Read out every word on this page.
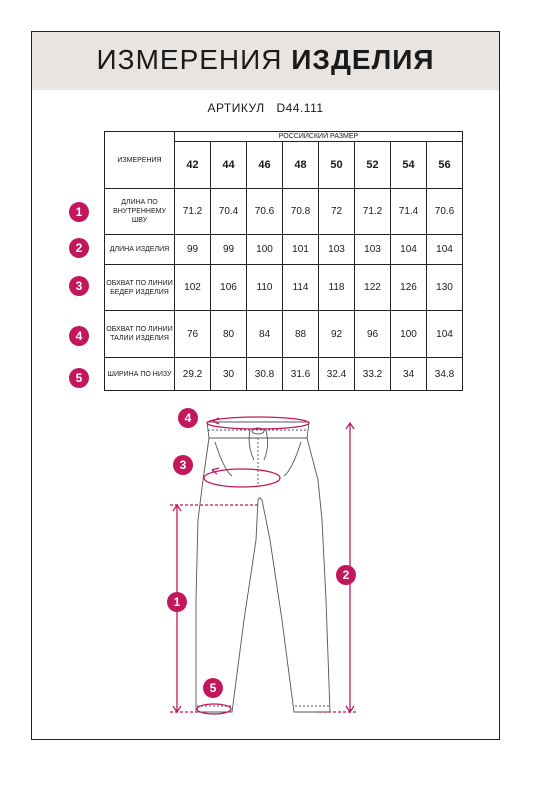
ИЗМЕРЕНИЯ ИЗДЕЛИЯ
АРТИКУЛ D44.111
ИЗМЕРЕНИЯ	РОССИЙСКИЙ РАЗМЕР							
	42	44	46	48	50	52	54	56
ДЛИНА ПО ВНУТРЕННЕМУ ШВУ	71.2	70.4	70.6	70.8	72	71.2	71.4	70.6
ДЛИНА ИЗДЕЛИЯ	99	99	100	101	103	103	104	104
ОБХВАТ ПО ЛИНИИ БЕДЕР ИЗДЕЛИЯ	102	106	110	114	118	122	126	130
ОБХВАТ ПО ЛИНИИ ТАЛИИ ИЗДЕЛИЯ	76	80	84	88	92	96	100	104
ШИРИНА ПО НИЗУ	29.2	30	30.8	31.6	32.4	33.2	34	34.8
1
2
3
4
5
4
3
1
2
5
